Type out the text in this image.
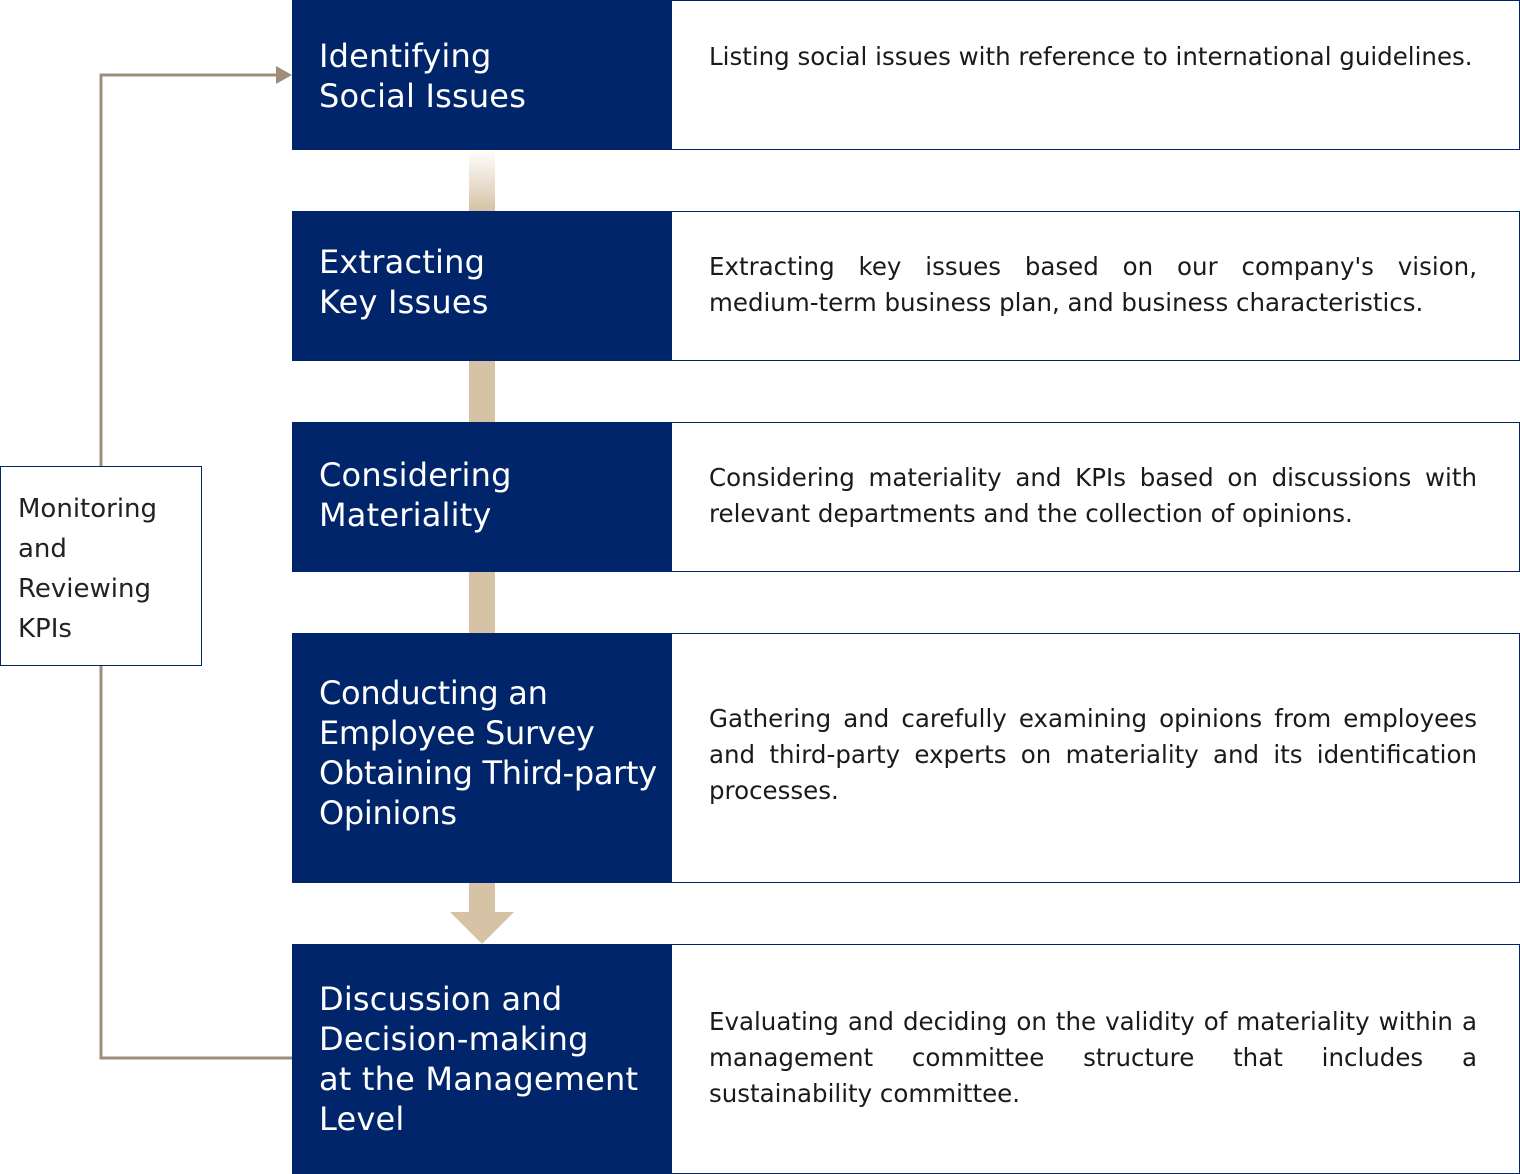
Monitoring
and
Reviewing
KPIs
Identifying
Social Issues
Listing social issues with reference to international guidelines.
Extracting
Key Issues
Extracting key issues based on our company's vision, medium-term business plan, and business characteristics.
Considering
Materiality
Considering materiality and KPIs based on discussions with relevant departments and the collection of opinions.
Conducting an
Employee Survey
Obtaining Third-party
Opinions
Gathering and carefully examining opinions from employees and third-party experts on materiality and its identification processes.
Discussion and
Decision-making
at the Management
Level
Evaluating and deciding on the validity of materiality within a management committee structure that includes a sustainability committee.
